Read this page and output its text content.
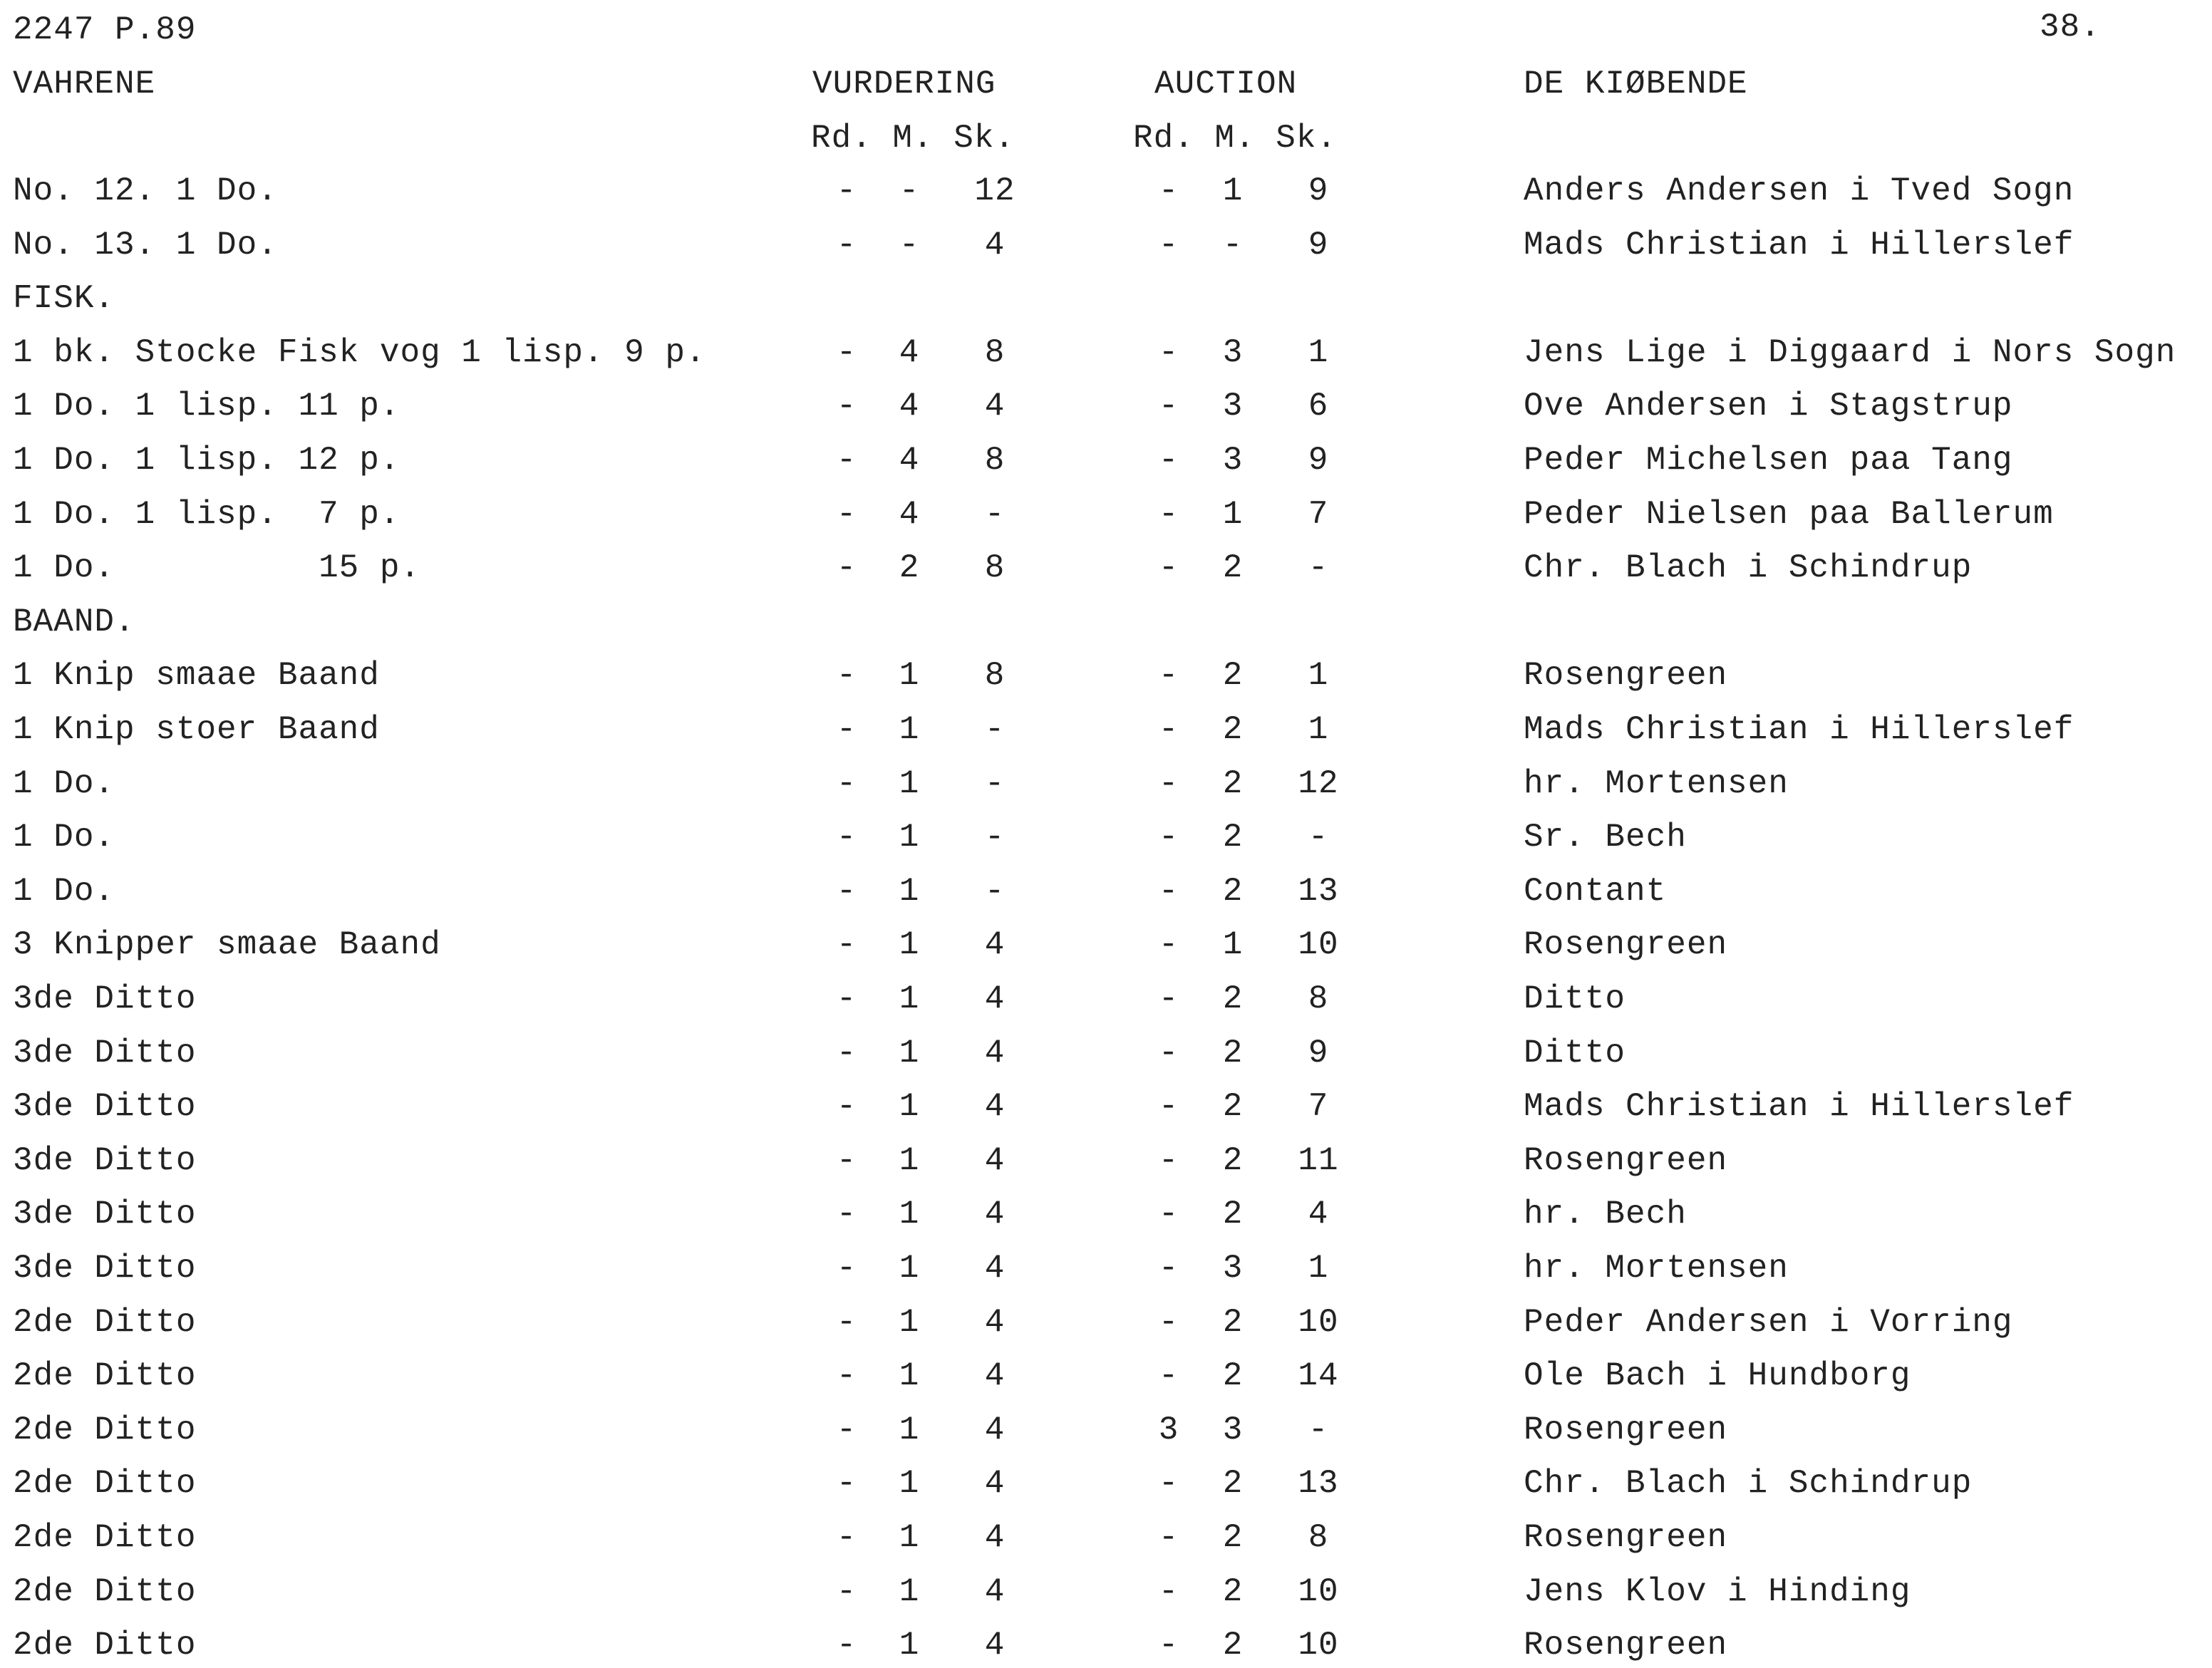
2247 P.89	38.
VAHRENE	VURDERING	AUCTION	DE KIØBENDE
Rd. M. Sk.	Rd. M. Sk.
No. 12. 1 Do.	-	-	12	-	1	9	Anders Andersen i Tved Sogn
No. 13. 1 Do.	-	-	4	-	-	9	Mads Christian i Hillerslef
FISK.
1 bk. Stocke Fisk vog 1 lisp. 9 p.	-	4	8	-	3	1	Jens Lige i Diggaard i Nors Sogn
1 Do. 1 lisp. 11 p.	-	4	4	-	3	6	Ove Andersen i Stagstrup
1 Do. 1 lisp. 12 p.	-	4	8	-	3	9	Peder Michelsen paa Tang
1 Do. 1 lisp.  7 p.	-	4	-	-	1	7	Peder Nielsen paa Ballerum
1 Do.          15 p.	-	2	8	-	2	-	Chr. Blach i Schindrup
BAAND.
1 Knip smaae Baand	-	1	8	-	2	1	Rosengreen
1 Knip stoer Baand	-	1	-	-	2	1	Mads Christian i Hillerslef
1 Do.	-	1	-	-	2	12	hr. Mortensen
1 Do.	-	1	-	-	2	-	Sr. Bech
1 Do.	-	1	-	-	2	13	Contant
3 Knipper smaae Baand	-	1	4	-	1	10	Rosengreen
3de Ditto	-	1	4	-	2	8	Ditto
3de Ditto	-	1	4	-	2	9	Ditto
3de Ditto	-	1	4	-	2	7	Mads Christian i Hillerslef
3de Ditto	-	1	4	-	2	11	Rosengreen
3de Ditto	-	1	4	-	2	4	hr. Bech
3de Ditto	-	1	4	-	3	1	hr. Mortensen
2de Ditto	-	1	4	-	2	10	Peder Andersen i Vorring
2de Ditto	-	1	4	-	2	14	Ole Bach i Hundborg
2de Ditto	-	1	4	3	3	-	Rosengreen
2de Ditto	-	1	4	-	2	13	Chr. Blach i Schindrup
2de Ditto	-	1	4	-	2	8	Rosengreen
2de Ditto	-	1	4	-	2	10	Jens Klov i Hinding
2de Ditto	-	1	4	-	2	10	Rosengreen
